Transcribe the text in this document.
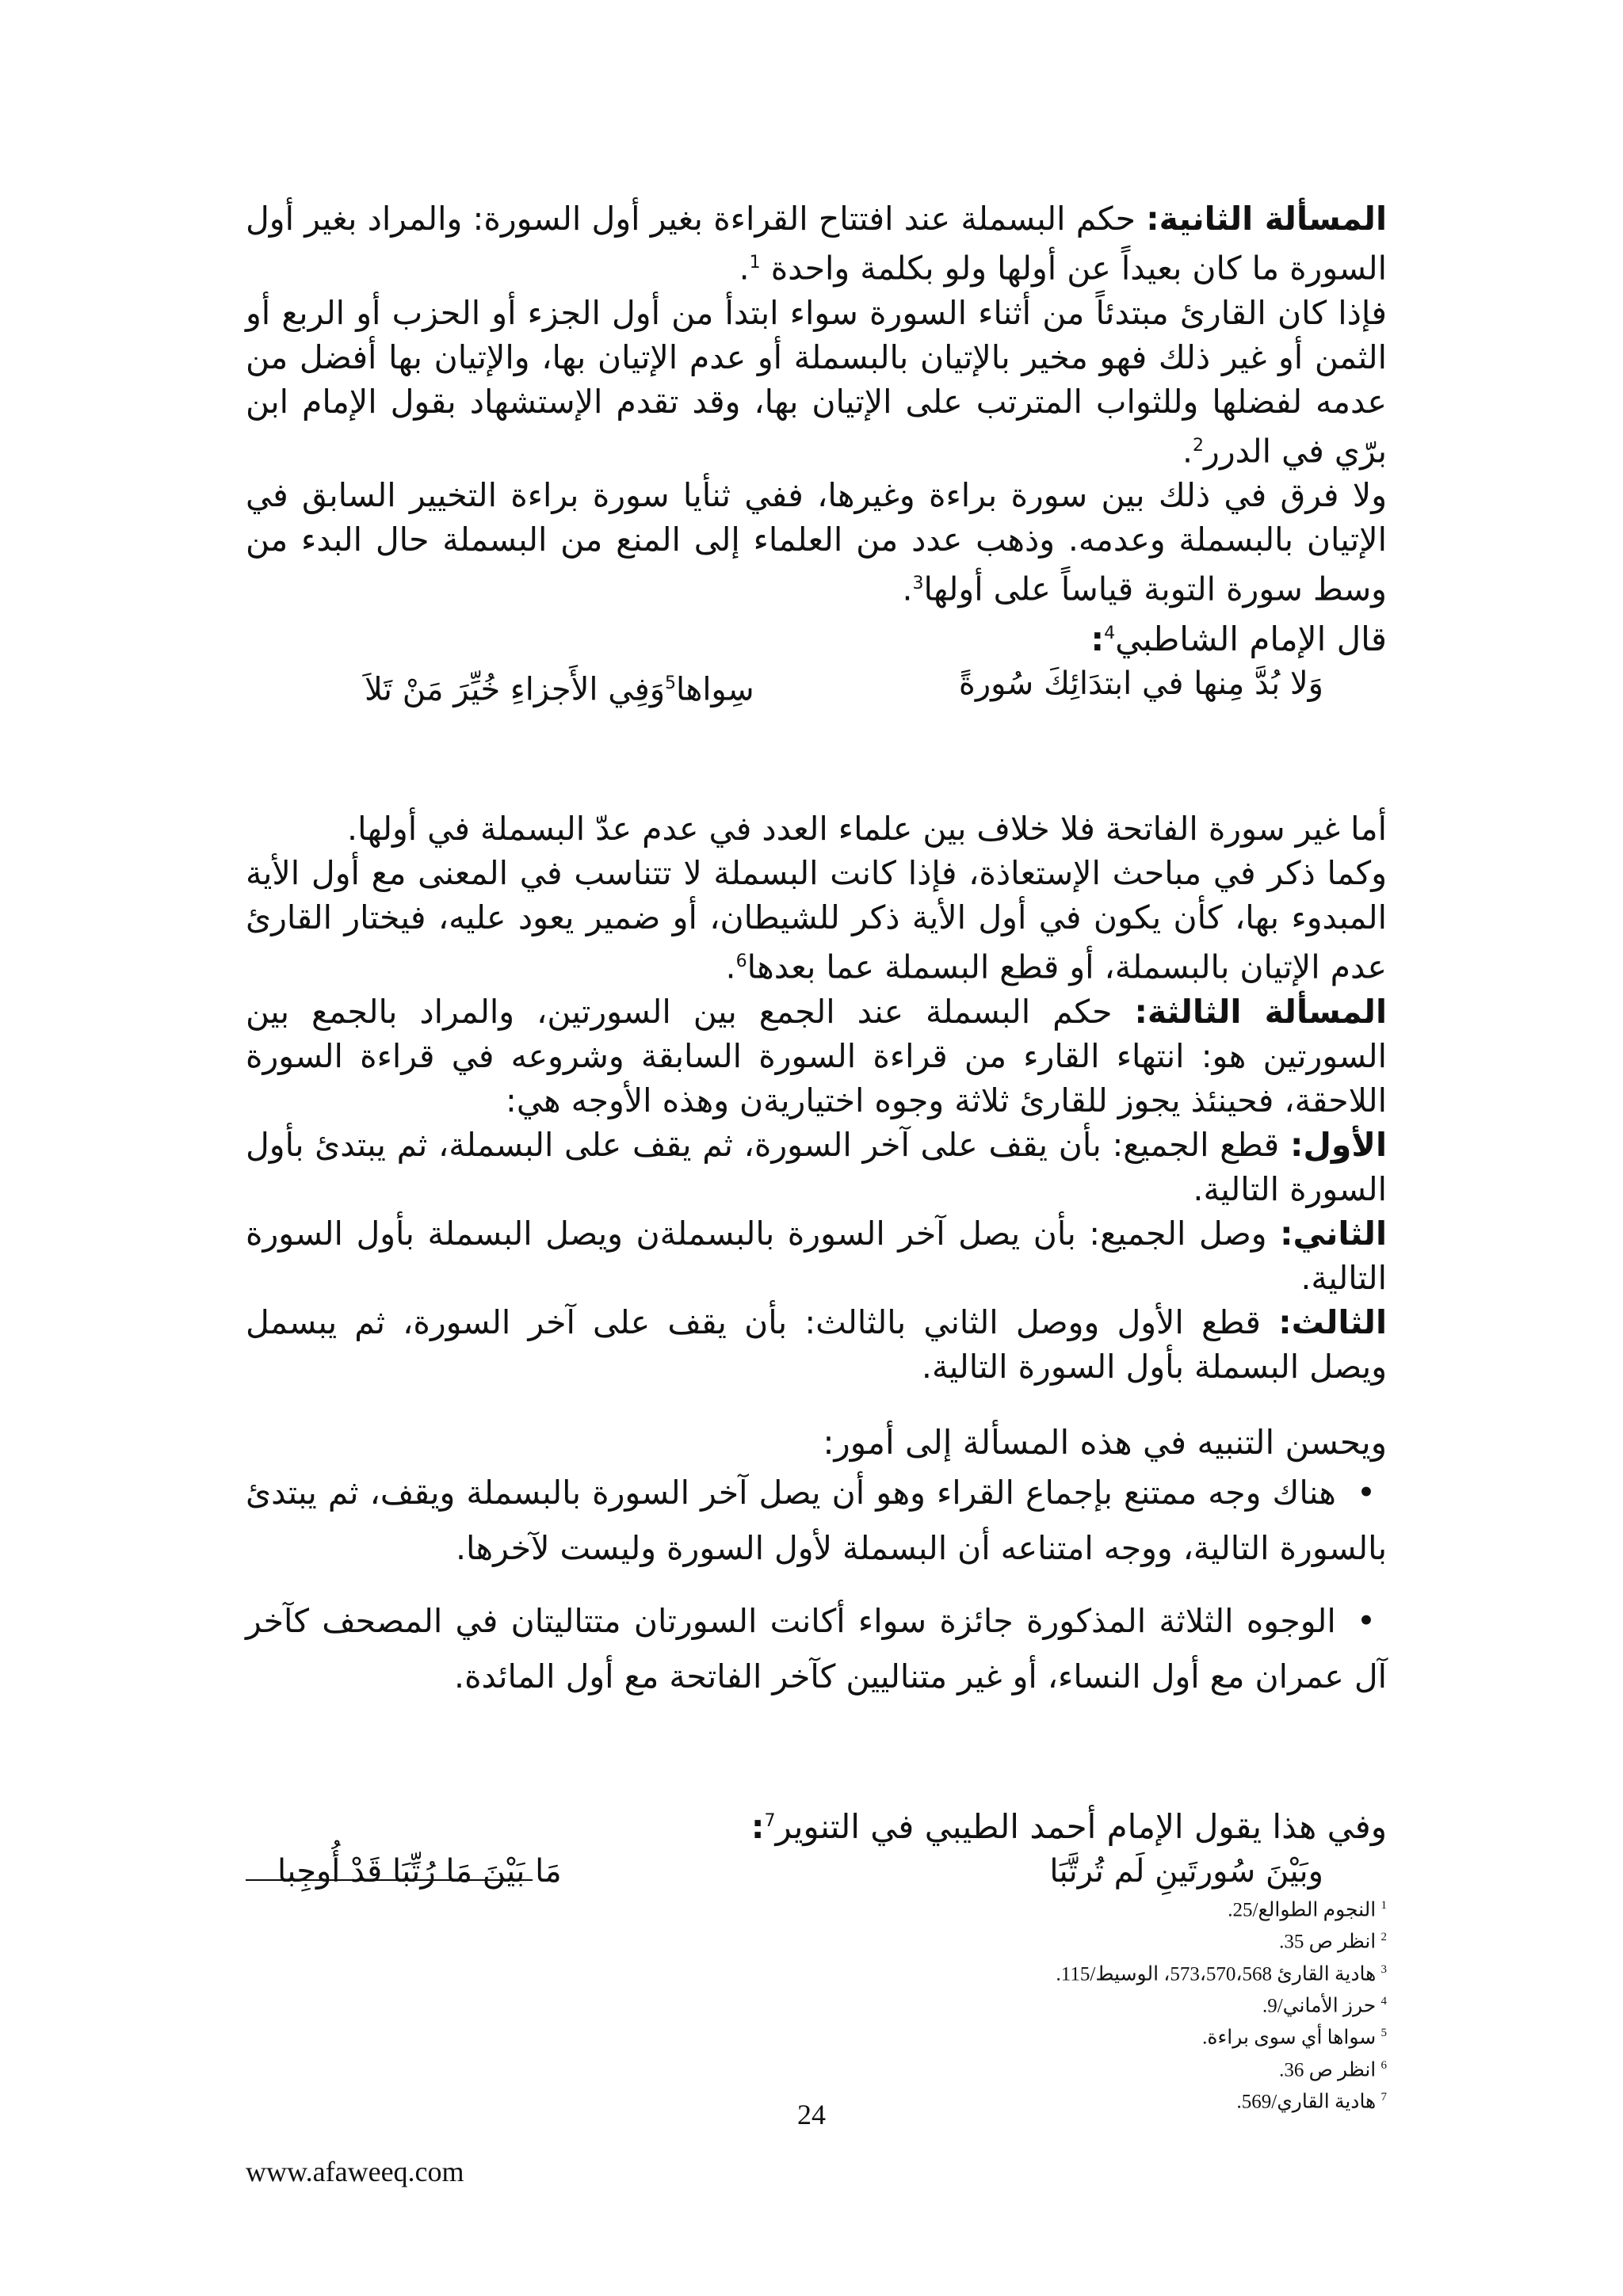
المسألة الثانية: حكم البسملة عند افتتاح القراءة بغير أول السورة: والمراد بغير أول السورة ما كان بعيداً عن أولها ولو بكلمة واحدة $^1$.

فإذا كان القارئ مبتدئاً من أثناء السورة سواء ابتدأ من أول الجزء أو الحزب أو الربع أو الثمن أو غير ذلك فهو مخير بالإتيان بالبسملة أو عدم الإتيان بها، والإتيان بها أفضل من عدمه لفضلها وللثواب المترتب على الإتيان بها، وقد تقدم الإستشهاد بقول الإمام ابن برّي في الدرر$^2$.

ولا فرق في ذلك بين سورة براءة وغيرها، ففي ثنأيا سورة براءة التخيير السابق في الإتيان بالبسملة وعدمه. وذهب عدد من العلماء إلى المنع من البسملة حال البدء من وسط سورة التوبة قياساً على أولها$^3$.

قال الإمام الشاطبي$^4$:

وَلا بُدَّ مِنها في ابتدَائِكَ سُورةً
سِواها$^5$وَفِي الأَجزاءِ خُيِّرَ مَنْ تَلاَ

أما غير سورة الفاتحة فلا خلاف بين علماء العدد في عدم عدّ البسملة في أولها.

وكما ذكر في مباحث الإستعاذة، فإذا كانت البسملة لا تتناسب في المعنى مع أول الأية المبدوء بها، كأن يكون في أول الأية ذكر للشيطان، أو ضمير يعود عليه، فيختار القارئ عدم الإتيان بالبسملة، أو قطع البسملة عما بعدها$^6$.

المسألة الثالثة: حكم البسملة عند الجمع بين السورتين، والمراد بالجمع بين السورتين هو: انتهاء القارء من قراءة السورة السابقة وشروعه في قراءة السورة اللاحقة، فحينئذ يجوز للقارئ ثلاثة وجوه اختياريةن وهذه الأوجه هي:

الأول: قطع الجميع: بأن يقف على آخر السورة، ثم يقف على البسملة، ثم يبتدئ بأول السورة التالية.

الثاني: وصل الجميع: بأن يصل آخر السورة بالبسملةن ويصل البسملة بأول السورة التالية.

الثالث: قطع الأول ووصل الثاني بالثالث: بأن يقف على آخر السورة، ثم يبسمل ويصل البسملة بأول السورة التالية.

ويحسن التنبيه في هذه المسألة إلى أمور:

•هناك وجه ممتنع بإجماع القراء وهو أن يصل آخر السورة بالبسملة ويقف، ثم يبتدئ بالسورة التالية، ووجه امتناعه أن البسملة لأول السورة وليست لآخرها.

•الوجوه الثلاثة المذكورة جائزة سواء أكانت السورتان متتاليتان في المصحف كآخر آل عمران مع أول النساء، أو غير متناليين كآخر الفاتحة مع أول المائدة.

وفي هذا يقول الإمام أحمد الطيبي في التنوير$^7$:

وبَيْنَ سُورتَينِ لَم تُرتَّبَا
مَا بَيْنَ مَا رُتِّبَا قَدْ أُوجِبا
$^1$ النجوم الطوالع/25.
$^2$ انظر ص 35.
$^3$ هادية القارئ 573،570،568، الوسيط/115.
$^4$ حرز الأماني/9.
$^5$ سواها أي سوى براءة.
$^6$ انظر ص 36.
$^7$ هادية القاري/569.
24
www.afaweeq.com
